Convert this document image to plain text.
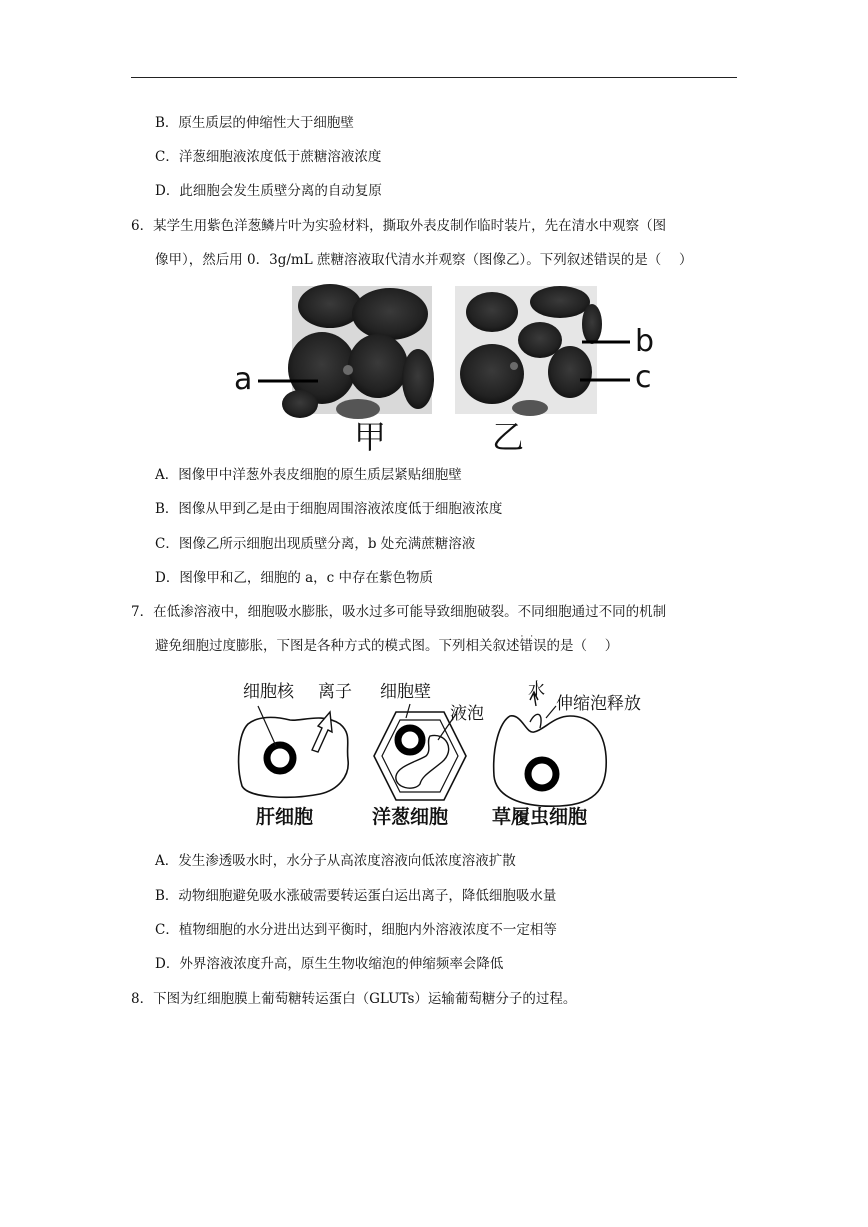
B．原生质层的伸缩性大于细胞壁
C．洋葱细胞液浓度低于蔗糖溶液浓度
D．此细胞会发生质壁分离的自动复原
6．某学生用紫色洋葱鳞片叶为实验材料，撕取外表皮制作临时装片，先在清水中观察（图
像甲），然后用 0．3g/mL 蔗糖溶液取代清水并观察（图像乙）。下列叙述错误的是（　 ）
a
b
c
甲	乙
A．图像甲中洋葱外表皮细胞的原生质层紧贴细胞壁
B．图像从甲到乙是由于细胞周围溶液浓度低于细胞液浓度
C．图像乙所示细胞出现质壁分离，b 处充满蔗糖溶液
D．图像甲和乙，细胞的 a，c 中存在紫色物质
7．在低渗溶液中，细胞吸水膨胀，吸水过多可能导致细胞破裂。不同细胞通过不同的机制
避免细胞过度膨胀，下图是各种方式的模式图。下列相关叙述错误 · ·的是（　 ）
细胞核 离子 细胞壁
液泡
水
伸缩泡释放
肝细胞	洋葱细胞 草履虫细胞
A．发生渗透吸水时，水分子从高浓度溶液向低浓度溶液扩散
B．动物细胞避免吸水涨破需要转运蛋白运出离子，降低细胞吸水量
C．植物细胞的水分进出达到平衡时，细胞内外溶液浓度不一定相等
D．外界溶液浓度升高，原生生物收缩泡的伸缩频率会降低
8．下图为红细胞膜上葡萄糖转运蛋白（GLUTs）运输葡萄糖分子的过程。
